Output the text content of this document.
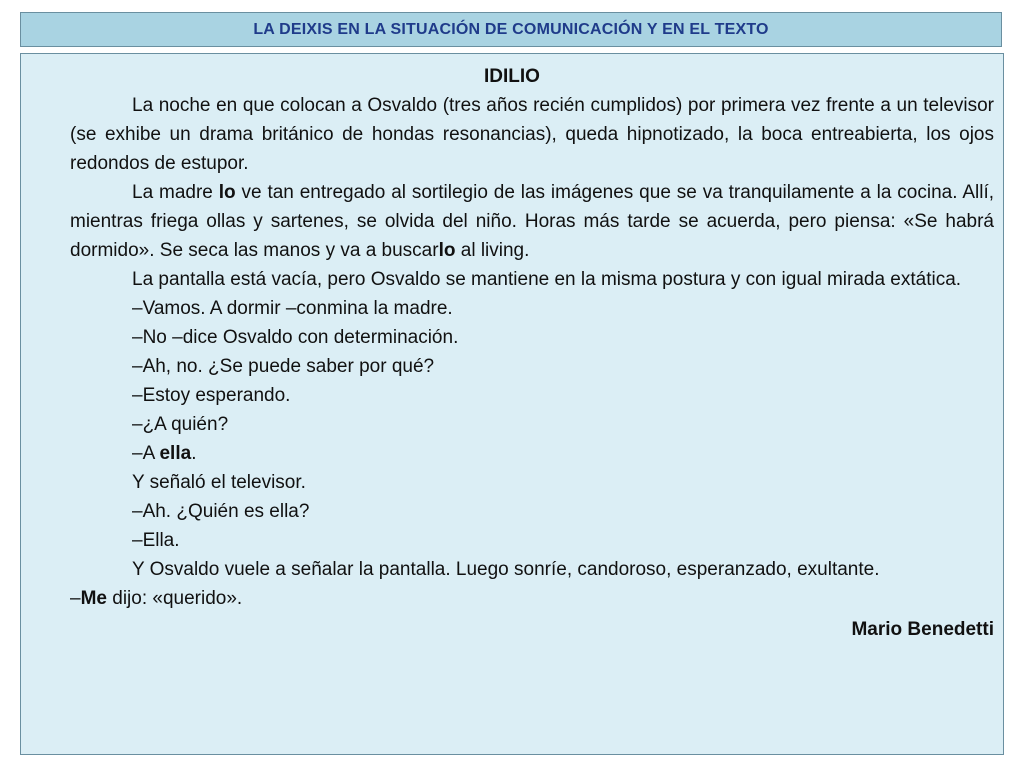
LA DEIXIS EN LA SITUACIÓN DE COMUNICACIÓN Y EN EL TEXTO
IDILIO

La noche en que colocan a Osvaldo (tres años recién cumplidos) por primera vez frente a un televisor (se exhibe un drama británico de hondas resonancias), queda hipnotizado, la boca entreabierta, los ojos redondos de estupor.

La madre lo ve tan entregado al sortilegio de las imágenes que se va tranquilamente a la cocina. Allí, mientras friega ollas y sartenes, se olvida del niño. Horas más tarde se acuerda, pero piensa: «Se habrá dormido». Se seca las manos y va a buscarlo al living.

La pantalla está vacía, pero Osvaldo se mantiene en la misma postura y con igual mirada extática.

–Vamos. A dormir –conmina la madre.

–No –dice Osvaldo con determinación.

–Ah, no. ¿Se puede saber por qué?

–Estoy esperando.

–¿A quién?

–A ella.

Y señaló el televisor.

–Ah. ¿Quién es ella?

–Ella.

Y Osvaldo vuele a señalar la pantalla. Luego sonríe, candoroso, esperanzado, exultante.

–Me dijo: «querido».

Mario Benedetti
